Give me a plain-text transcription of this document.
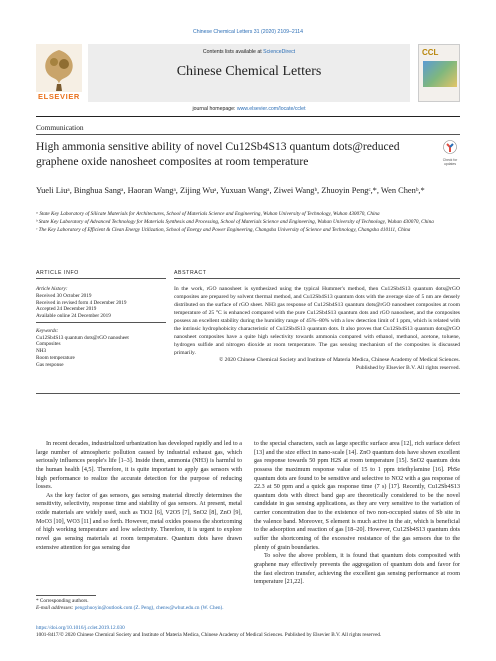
Chinese Chemical Letters 31 (2020) 2109–2114
ELSEVIER
Contents lists available at ScienceDirect
Chinese Chemical Letters
CCL
journal homepage: www.elsevier.com/locate/cclet
Communication
Check for updates
High ammonia sensitive ability of novel Cu12Sb4S13 quantum dots@reduced graphene oxide nanosheet composites at room temperature
Yueli Liuᵃ, Binghua Sangᵃ, Haoran Wangᵃ, Zijing Wuᵃ, Yuxuan Wangᵃ, Ziwei Wangᵇ, Zhuoyin Pengᶜ,*, Wen Chenᵇ,*
ᵃ State Key Laboratory of Silicate Materials for Architectures, School of Materials Science and Engineering, Wuhan University of Technology, Wuhan 430070, China
ᵇ State Key Laboratory of Advanced Technology for Materials Synthesis and Processing, School of Materials Science and Engineering, Wuhan University of Technology, Wuhan 430070, China
ᶜ The Key Laboratory of Efficient & Clean Energy Utilization, School of Energy and Power Engineering, Changsha University of Science and Technology, Changsha 410111, China
ARTICLE INFO
Article history:
Received 30 October 2019
Received in revised form 4 December 2019
Accepted 24 December 2019
Available online 24 December 2019
Keywords:
Cu12Sb4S13 quantum dots@rGO nanosheet
Composites
NH3
Room temperature
Gas response
ABSTRACT
In the work, rGO nanosheet is synthesized using the typical Hummer's method, then Cu12Sb4S13 quantum dots@rGO composites are prepared by solvent thermal method, and Cu12Sb4S13 quantum dots with the average size of 5 nm are densely distributed on the surface of rGO sheet. NH3 gas response of Cu12Sb4S13 quantum dots@rGO nanosheet composites at room temperature of 25 °C is enhanced compared with the pure Cu12Sb4S13 quantum dots and rGO nanosheet, and the composites possess an excellent stability during the humidity range of 45%–80% with a low detection limit of 1 ppm, which is related with the intrinsic hydrophobicity characteristic of Cu12Sb4S13 quantum dots. It also proves that Cu12Sb4S13 quantum dots@rGO nanosheet composites have a quite high selectivity towards ammonia compared with ethanol, methanol, acetone, toluene, hydrogen sulfide and nitrogen dioxide at room temperature. The gas sensing mechanism of the composites is discussed primarily.
© 2020 Chinese Chemical Society and Institute of Materia Medica, Chinese Academy of Medical Sciences.
Published by Elsevier B.V. All rights reserved.

In recent decades, industrialized urbanization has developed rapidly and led to a large number of atmospheric pollution caused by industrial exhaust gas, which seriously influences people's life [1–3]. Inside them, ammonia (NH3) is harmful to the human health [4,5]. Therefore, it is quite important to apply gas sensors with high performance to realize the accurate detection for the purpose of reducing losses.

As the key factor of gas sensors, gas sensing material directly determines the sensitivity, selectivity, response time and stability of gas sensors. At present, metal oxide materials are widely used, such as TiO2 [6], V2O5 [7], SnO2 [8], ZnO [9], MoO3 [10], WO3 [11] and so forth. However, metal oxides possess the shortcoming of high working temperature and low selectivity. Therefore, it is urgent to explore novel gas sensing materials at room temperature. Quantum dots have drawn extensive attention for gas sensing due

to the special characters, such as large specific surface area [12], rich surface defect [13] and the size effect in nano-scale [14]. ZnO quantum dots have shown excellent gas response towards 50 ppm H2S at room temperature [15]. SnO2 quantum dots possess the maximum response value of 15 to 1 ppm triethylamine [16]. PbSe quantum dots are found to be sensitive and selective to NO2 with a gas response of 22.3 at 50 ppm and a quick gas response time (7 s) [17]. Recently, Cu12Sb4S13 quantum dots with direct band gap are theoretically considered to be the novel candidate in gas sensing applications, as they are very sensitive to the variation of carrier concentration due to the existence of two non-occupied states of Sb site in the valence band. Moreover, S element is much active in the air, which is beneficial to the adsorption and reaction of gas [18–20]. However, Cu12Sb4S13 quantum dots suffer the shortcoming of the excessive resistance of the gas sensors due to the plenty of grain boundaries.

To solve the above problem, it is found that quantum dots composited with graphene may effectively prevents the aggregation of quantum dots and favor for the fast electron transfer, achieving the excellent gas sensing performance at room temperature [21,22].

* Corresponding authors.
E-mail addresses: pengzhuoyin@outlook.com (Z. Peng), chenw@whut.edu.cn (W. Chen).
https://doi.org/10.1016/j.cclet.2019.12.030
1001-8417/© 2020 Chinese Chemical Society and Institute of Materia Medica, Chinese Academy of Medical Sciences. Published by Elsevier B.V. All rights reserved.
